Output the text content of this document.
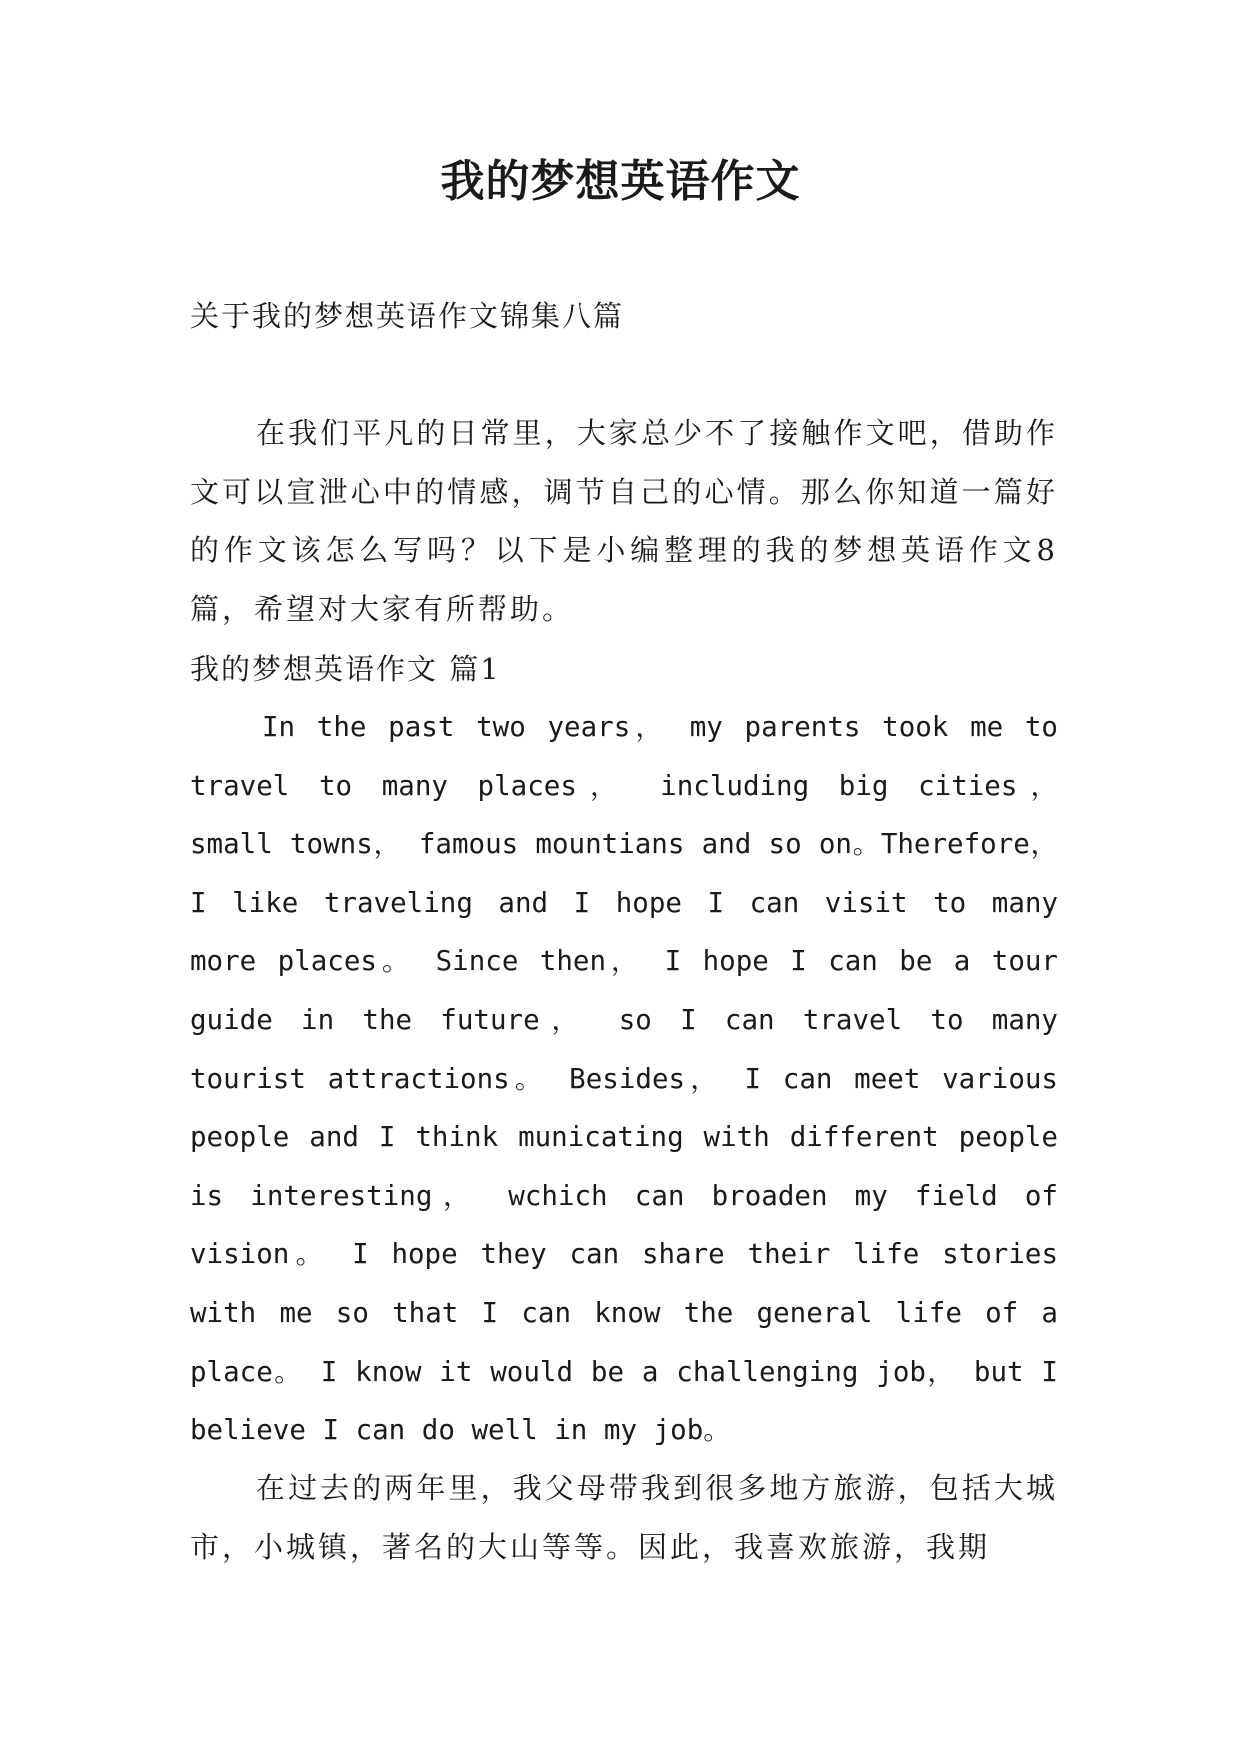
我的梦想英语作文
关于我的梦想英语作文锦集八篇
在我们平凡的日常里，大家总少不了接触作文吧，借助作文可以宣泄心中的情感，调节自己的心情。那么你知道一篇好的作文该怎么写吗？以下是小编整理的我的梦想英语作文8篇，希望对大家有所帮助。
我的梦想英语作文 篇1
In the past two years， my parents took me to
travel to many places， including big cities，
small towns， famous mountians and so on。Therefore，
I like traveling and I hope I can visit to many
more places。 Since then， I hope I can be a tour
guide in the future， so I can travel to many
tourist attractions。 Besides， I can meet various
people and I think municating with different people
is interesting， wchich can broaden my field of
vision。 I hope they can share their life stories
with me so that I can know the general life of a
place。 I know it would be a challenging job， but I
believe I can do well in my job。
在过去的两年里，我父母带我到很多地方旅游，包括大城市，小城镇，著名的大山等等。因此，我喜欢旅游，我期
